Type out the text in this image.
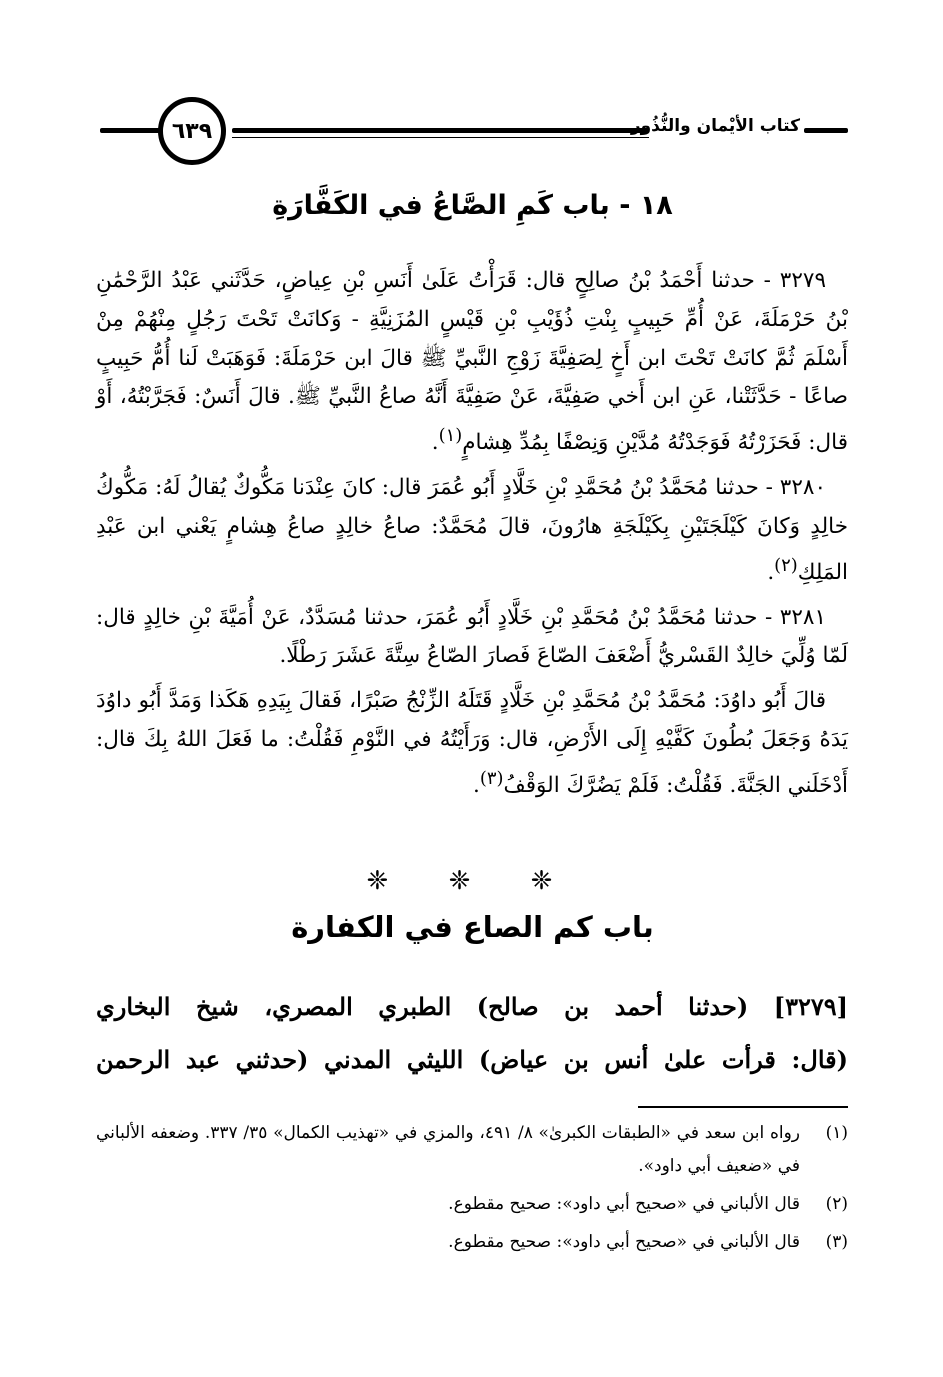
٦٣٩	كتاب الأيْمان والنُّذُور
١٨ - باب كَمِ الصَّاعُ في الكَفَّارَةِ

٣٢٧٩ - حدثنا أَحْمَدُ بْنُ صالِحٍ قال: قَرَأْتُ عَلَىٰ أَنَسِ بْنِ عِياضٍ، حَدَّثَني عَبْدُ الرَّحْمَٰنِ بْنُ حَرْمَلَةَ، عَنْ أُمِّ حَبِيبٍ بِنْتِ ذُؤَيْبِ بْنِ قَيْسٍ المُزَنِيَّةِ - وَكانَتْ تَحْتَ رَجُلٍ مِنْهُمْ مِنْ أَسْلَمَ ثُمَّ كانَتْ تَحْتَ ابن أَخٍ لِصَفِيَّةَ زَوْجِ النَّبيِّ ﷺ قالَ ابن حَرْمَلَةَ: فَوَهَبَتْ لَنا أُمُّ حَبِيبٍ صاعًا - حَدَّثَتْنا، عَنِ ابن أَخي صَفِيَّةَ، عَنْ صَفِيَّةَ أَنَّهُ صاعُ النَّبيِّ ﷺ. قالَ أَنَسٌ: فَجَرَّبْتُهُ، أَوْ قال: فَحَزَرْتُهُ فَوَجَدْتُهُ مُدَّيْنِ وَنِصْفًا بِمُدِّ هِشامٍ$^{(١)}$.

٣٢٨٠ - حدثنا مُحَمَّدُ بْنُ مُحَمَّدِ بْنِ خَلَّادٍ أَبُو عُمَرَ قال: كانَ عِنْدَنا مَكُّوكٌ يُقالُ لَهُ: مَكُّوكُ خالِدٍ وَكانَ كَيْلَجَتَيْنِ بِكَيْلَجَةِ هارُونَ، قالَ مُحَمَّدٌ: صاعُ خالِدٍ صاعُ هِشامٍ يَعْني ابن عَبْدِ المَلِكِ$^{(٢)}$.

٣٢٨١ - حدثنا مُحَمَّدُ بْنُ مُحَمَّدِ بْنِ خَلَّادٍ أَبُو عُمَرَ، حدثنا مُسَدَّدٌ، عَنْ أُمَيَّةَ بْنِ خالِدٍ قال: لَمّا وُلِّيَ خالِدٌ القَسْريُّ أَضْعَفَ الصّاعَ فَصارَ الصّاعُ سِتَّةَ عَشَرَ رَطْلًا.

قالَ أَبُو داوُدَ: مُحَمَّدُ بْنُ مُحَمَّدِ بْنِ خَلَّادٍ قَتَلَهُ الزِّنْجُ صَبْرًا، فَقالَ بِيَدِهِ هَكَذا وَمَدَّ أَبُو داوُدَ يَدَهُ وَجَعَلَ بُطُونَ كَفَّيْهِ إِلَى الأَرْضِ، قال: وَرَأَيْتُهُ في النَّوْمِ فَقُلْتُ: ما فَعَلَ اللهُ بِكَ قال: أَدْخَلَني الجَنَّةَ. فَقُلْتُ: فَلَمْ يَضُرَّكَ الوَقْفُ$^{(٣)}$.

❈ ❈ ❈
باب كم الصاع في الكفارة

[٣٢٧٩] (حدثنا أحمد بن صالح) الطبري المصري، شيخ البخاري

(قال: قرأت علىٰ أنس بن عياض) الليثي المدني (حدثني عبد الرحمن

(١)
رواه ابن سعد في «الطبقات الكبرىٰ» ٨/ ٤٩١، والمزي في «تهذيب الكمال» ٣٥/ ٣٣٧. وضعفه الألباني في «ضعيف أبي داود».
(٢)
قال الألباني في «صحيح أبي داود»: صحيح مقطوع.
(٣)
قال الألباني في «صحيح أبي داود»: صحيح مقطوع.
